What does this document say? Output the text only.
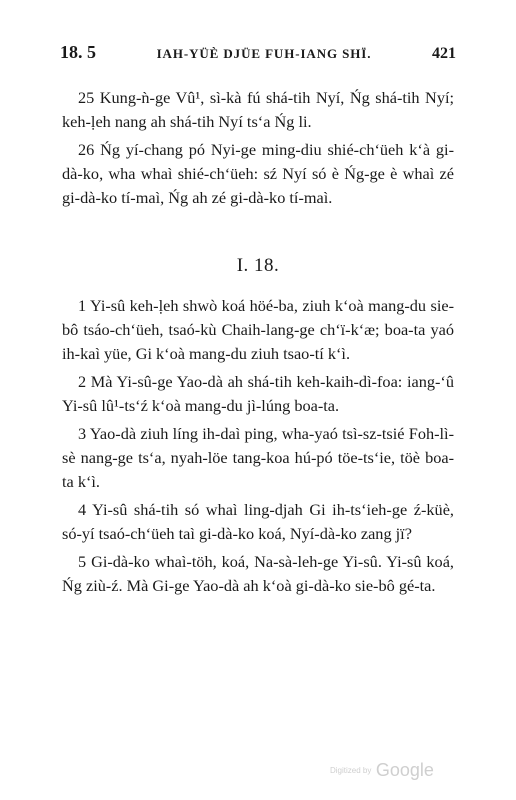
18. 5	IAH-YÜÈ DJÜE FUH-IANG SHÏ.	421

25 Kung-ǹ-ge Vû¹, sì-kà fú shá-tih Nyí, Ńg shá-tih Nyí; keh-ḷeh nang ah shá-tih Nyí ts‘a Ńg li.

26 Ńg yí-chang pó Nyi-ge ming-diu shié-ch‘üeh k‘à gi-dà-ko, wha whaì shié-ch‘üeh: sź Nyí só è Ńg-ge è whaì zé gi-dà-ko tí-maì, Ńg ah zé gi-dà-ko tí-maì.

I. 18.

1 Yi-sû keh-ḷeh shwò koá höé-ba, ziuh k‘oà mang-du sie-bô tsáo-ch‘üeh, tsaó-kù Chaih-lang-ge ch‘ï-k‘æ; boa-ta yaó ih-kaì yüe, Gi k‘oà mang-du ziuh tsao-tí k‘ì.

2 Mà Yi-sû-ge Yao-dà ah shá-tih keh-kaih-dì-foa: iang-‘û Yi-sû lû¹-ts‘ź k‘oà mang-du jì-lúng boa-ta.

3 Yao-dà ziuh líng ih-daì ping, wha-yaó tsì-sz-tsié Foh-lì-sè nang-ge ts‘a, nyah-löe tang-koa hú-pó töe-ts‘ie, töè boa-ta k‘ì.

4 Yi-sû shá-tih só whaì ling-djah Gi ih-ts‘ieh-ge ź-küè, só-yí tsaó-ch‘üeh taì gi-dà-ko koá, Nyí-dà-ko zang jï?

5 Gi-dà-ko whaì-töh, koá, Na-sà-leh-ge Yi-sû. Yi-sû koá, Ńg ziù-ź. Mà Gi-ge Yao-dà ah k‘oà gi-dà-ko sie-bô gé-ta.

Digitized by Google
